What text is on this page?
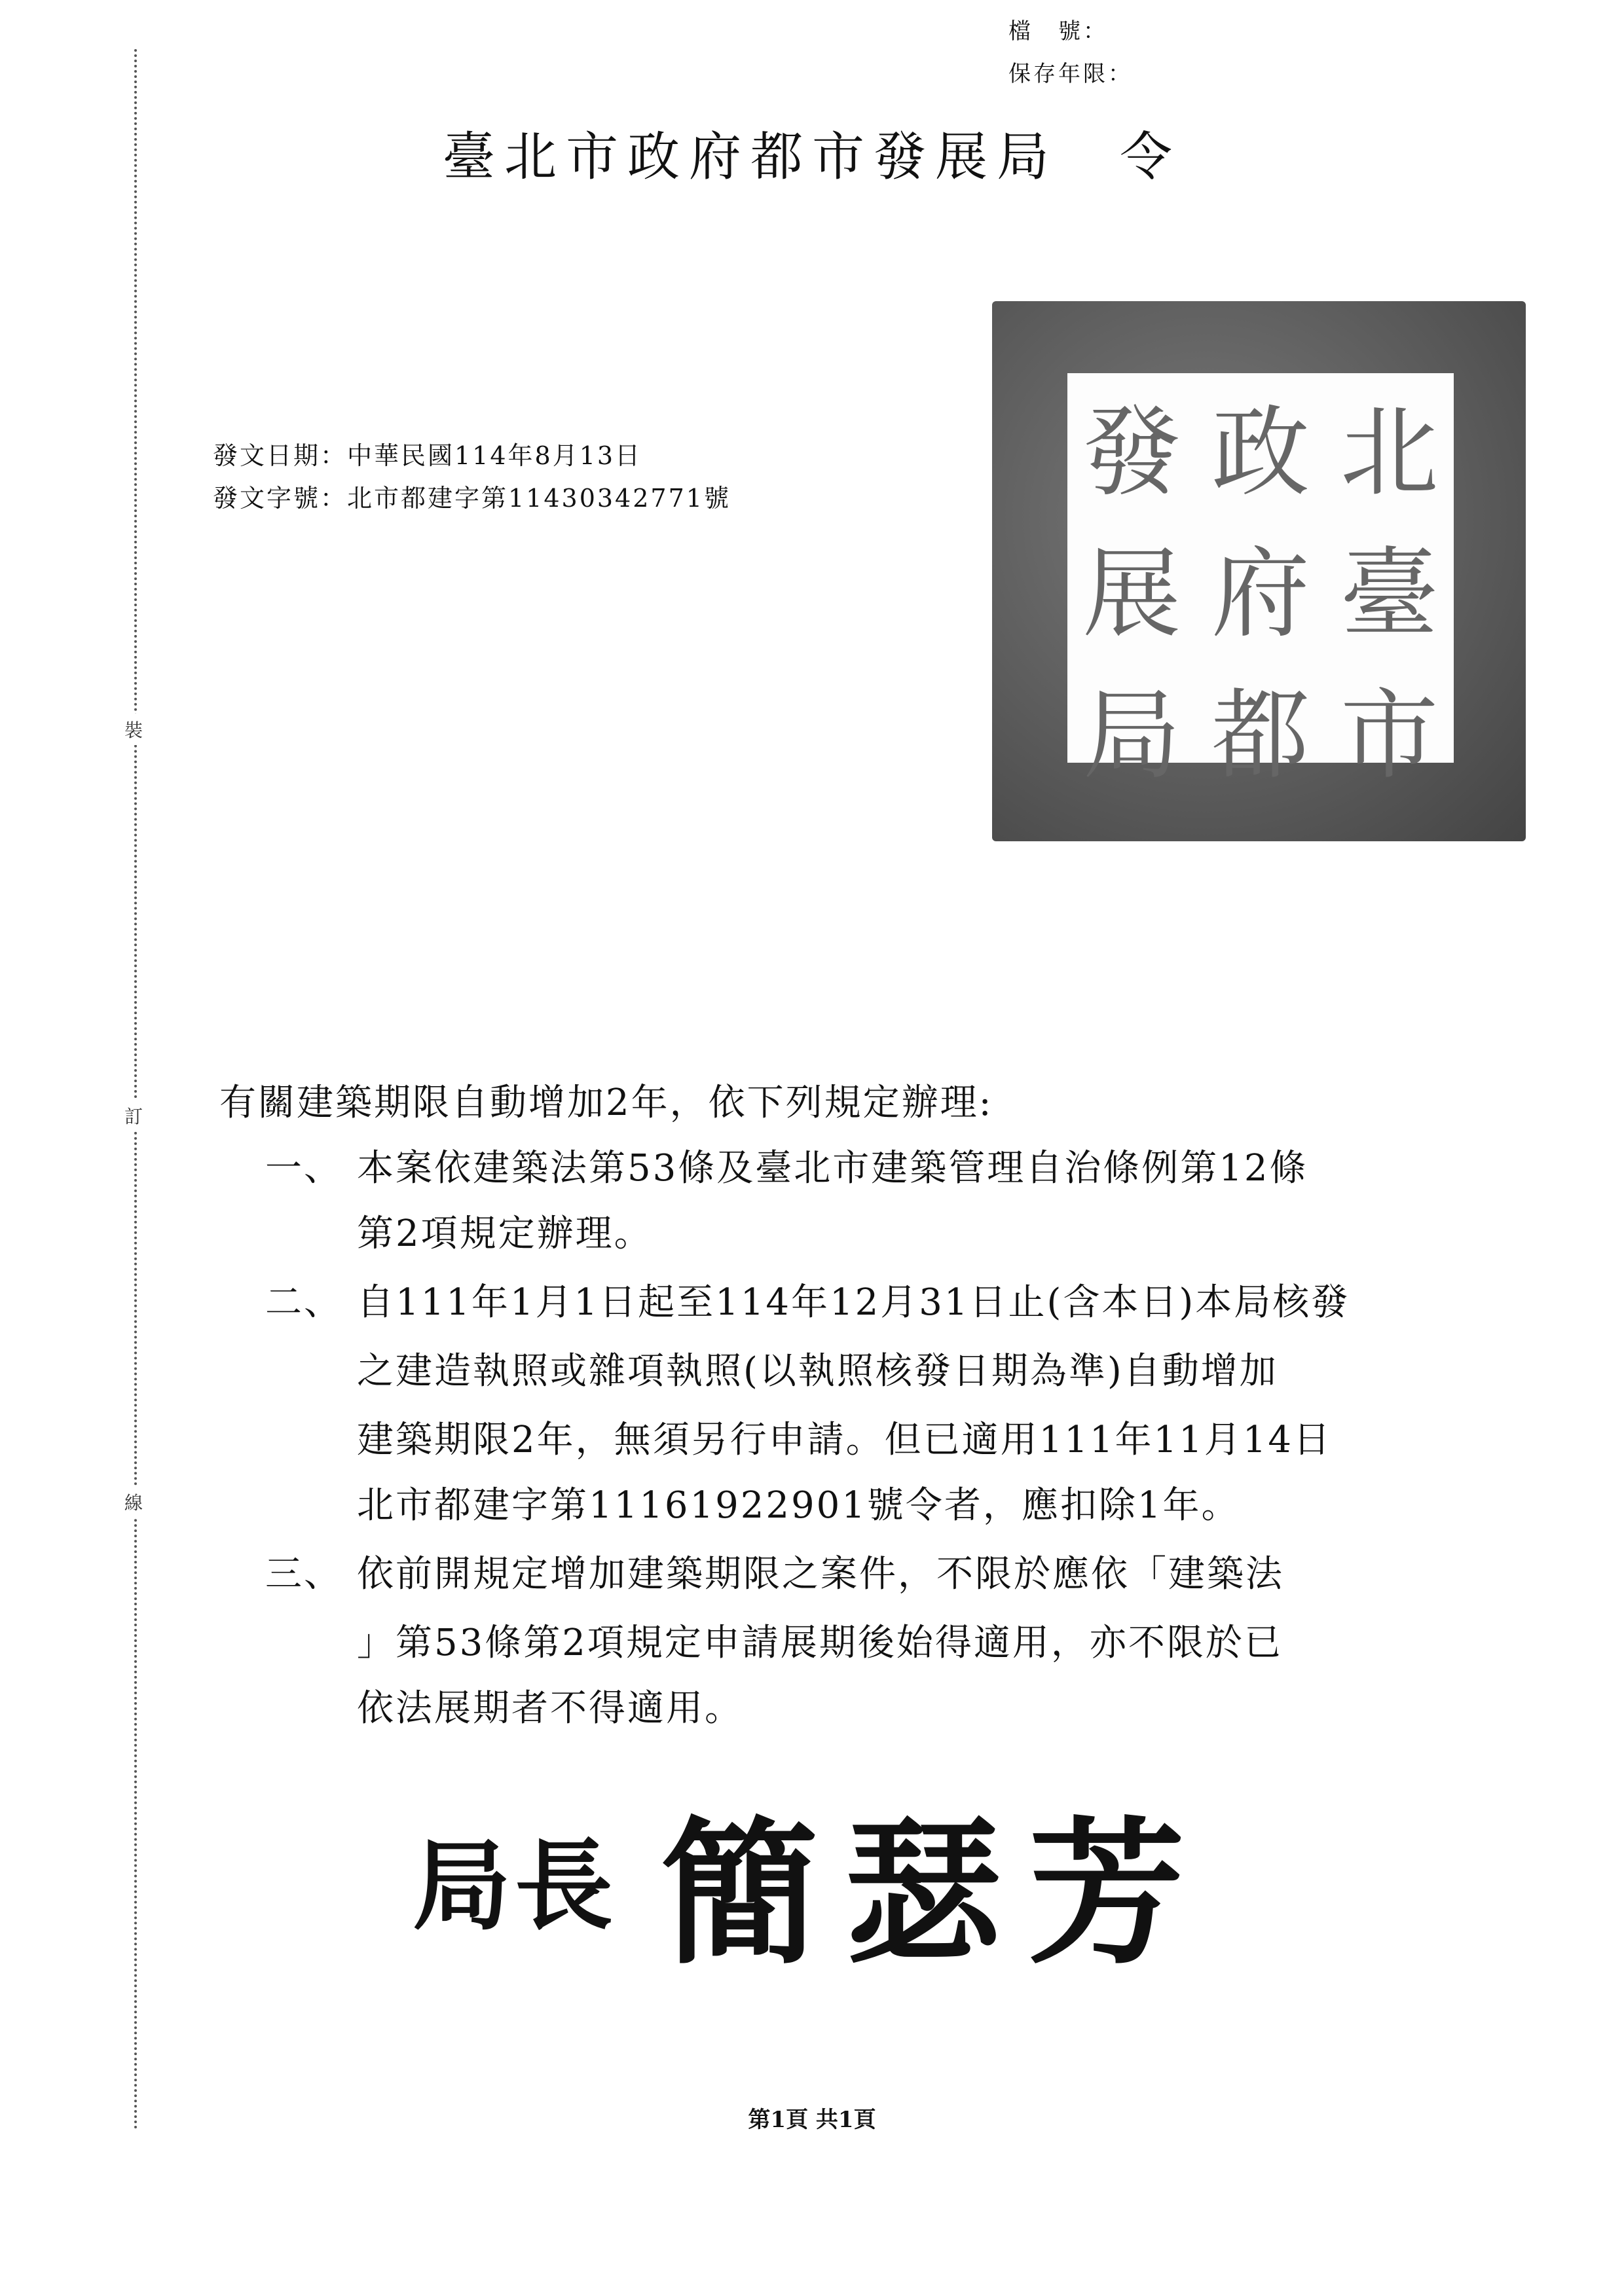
裝
訂
線
檔　號：
保存年限：
臺北市政府都市發展局　令
發文日期：中華民國114年8月13日
發文字號：北市都建字第11430342771號	北
臺
市
政
府
都
發
展
局
有關建築期限自動增加2年，依下列規定辦理:
一、 本案依建築法第53條及臺北市建築管理自治條例第12條
第2項規定辦理。
二、 自111年1月1日起至114年12月31日止(含本日)本局核發
之建造執照或雜項執照(以執照核發日期為準)自動增加
建築期限2年，無須另行申請。但已適用111年11月14日
北市都建字第11161922901號令者，應扣除1年。
三、 依前開規定增加建築期限之案件，不限於應依「建築法
」第53條第2項規定申請展期後始得適用，亦不限於已
依法展期者不得適用。
局長 簡瑟芳
第1頁 共1頁
